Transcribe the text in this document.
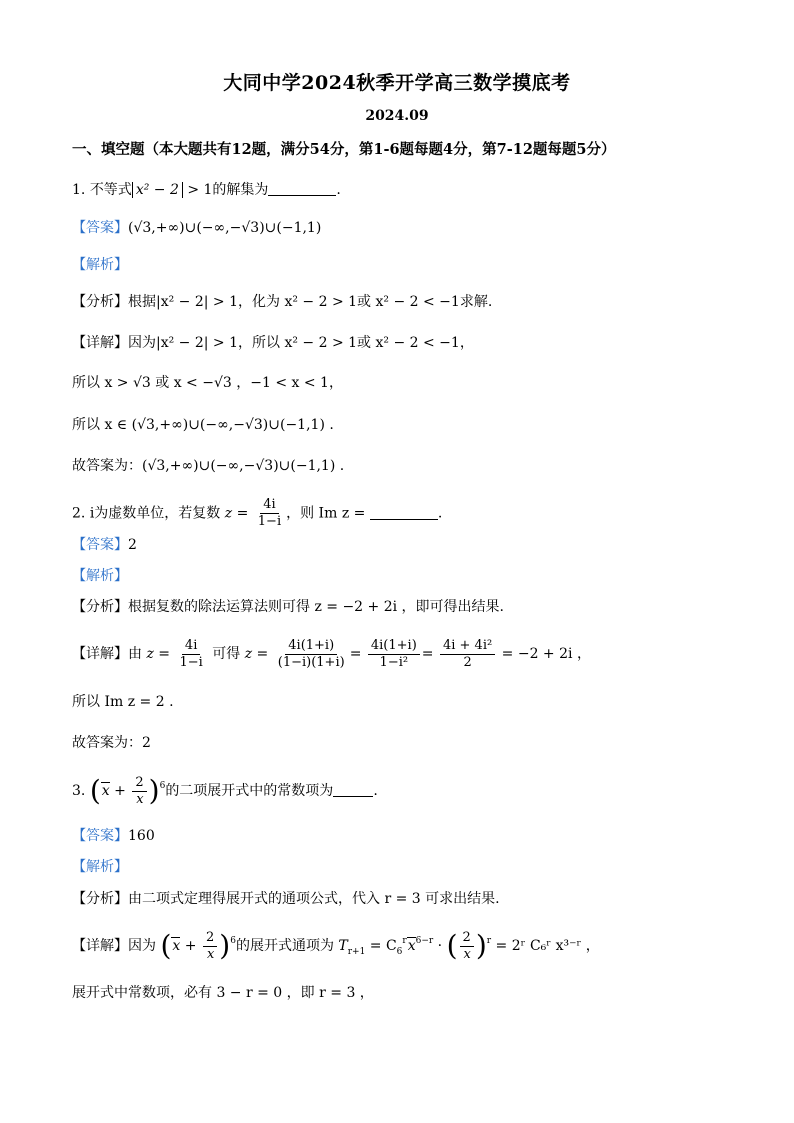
大同中学2024秋季开学高三数学摸底考
2024.09
一、填空题（本大题共有12题，满分54分，第1-6题每题4分，第7-12题每题5分）
1. 不等式 x² − 2 > 1的解集为	.
【答案】(√3,+∞)∪(−∞,−√3)∪(−1,1)
【解析】
【分析】根据|x² − 2| > 1，化为 x² − 2 > 1或 x² − 2 < −1求解.
【详解】因为|x² − 2| > 1，所以 x² − 2 > 1或 x² − 2 < −1，
所以 x > √3 或 x < −√3 ，−1 < x < 1，
所以 x ∈ (√3,+∞)∪(−∞,−√3)∪(−1,1) .
故答案为：(√3,+∞)∪(−∞,−√3)∪(−1,1) .
2. i为虚数单位，若复数 $z = \frac{4i}{1-i}$ ，则 Im z =	.
【答案】2
【解析】
【分析】根据复数的除法运算法则可得 z = −2 + 2i ，即可得出结果.
【详解】由 $z = \frac{4i}{1-i}$ 可得 $z = \frac{4i(1+i)}{(1-i)(1+i)} = \frac{4i(1+i)}{\text{1−i²}} = \frac{\text{4i + 4i²}}{2} = -2 + 2i$ ，
所以 Im z = 2 .
故答案为：2
3. $(x + \frac{2}{x} )^6$的二项展开式中的常数项为	.
【答案】160
【解析】
【分析】由二项式定理得展开式的通项公式，代入 r = 3 可求出结果.
【详解】因为 $(x + \frac{2}{x} )^6$的展开式通项为 $T_{r+1} = C_6^rx^{6-r}$ · ( $\frac{2}{x} )^r$ = 2ʳ C₆ʳ x³⁻ʳ ，
展开式中常数项，必有 3 − r = 0 ，即 r = 3 ，
